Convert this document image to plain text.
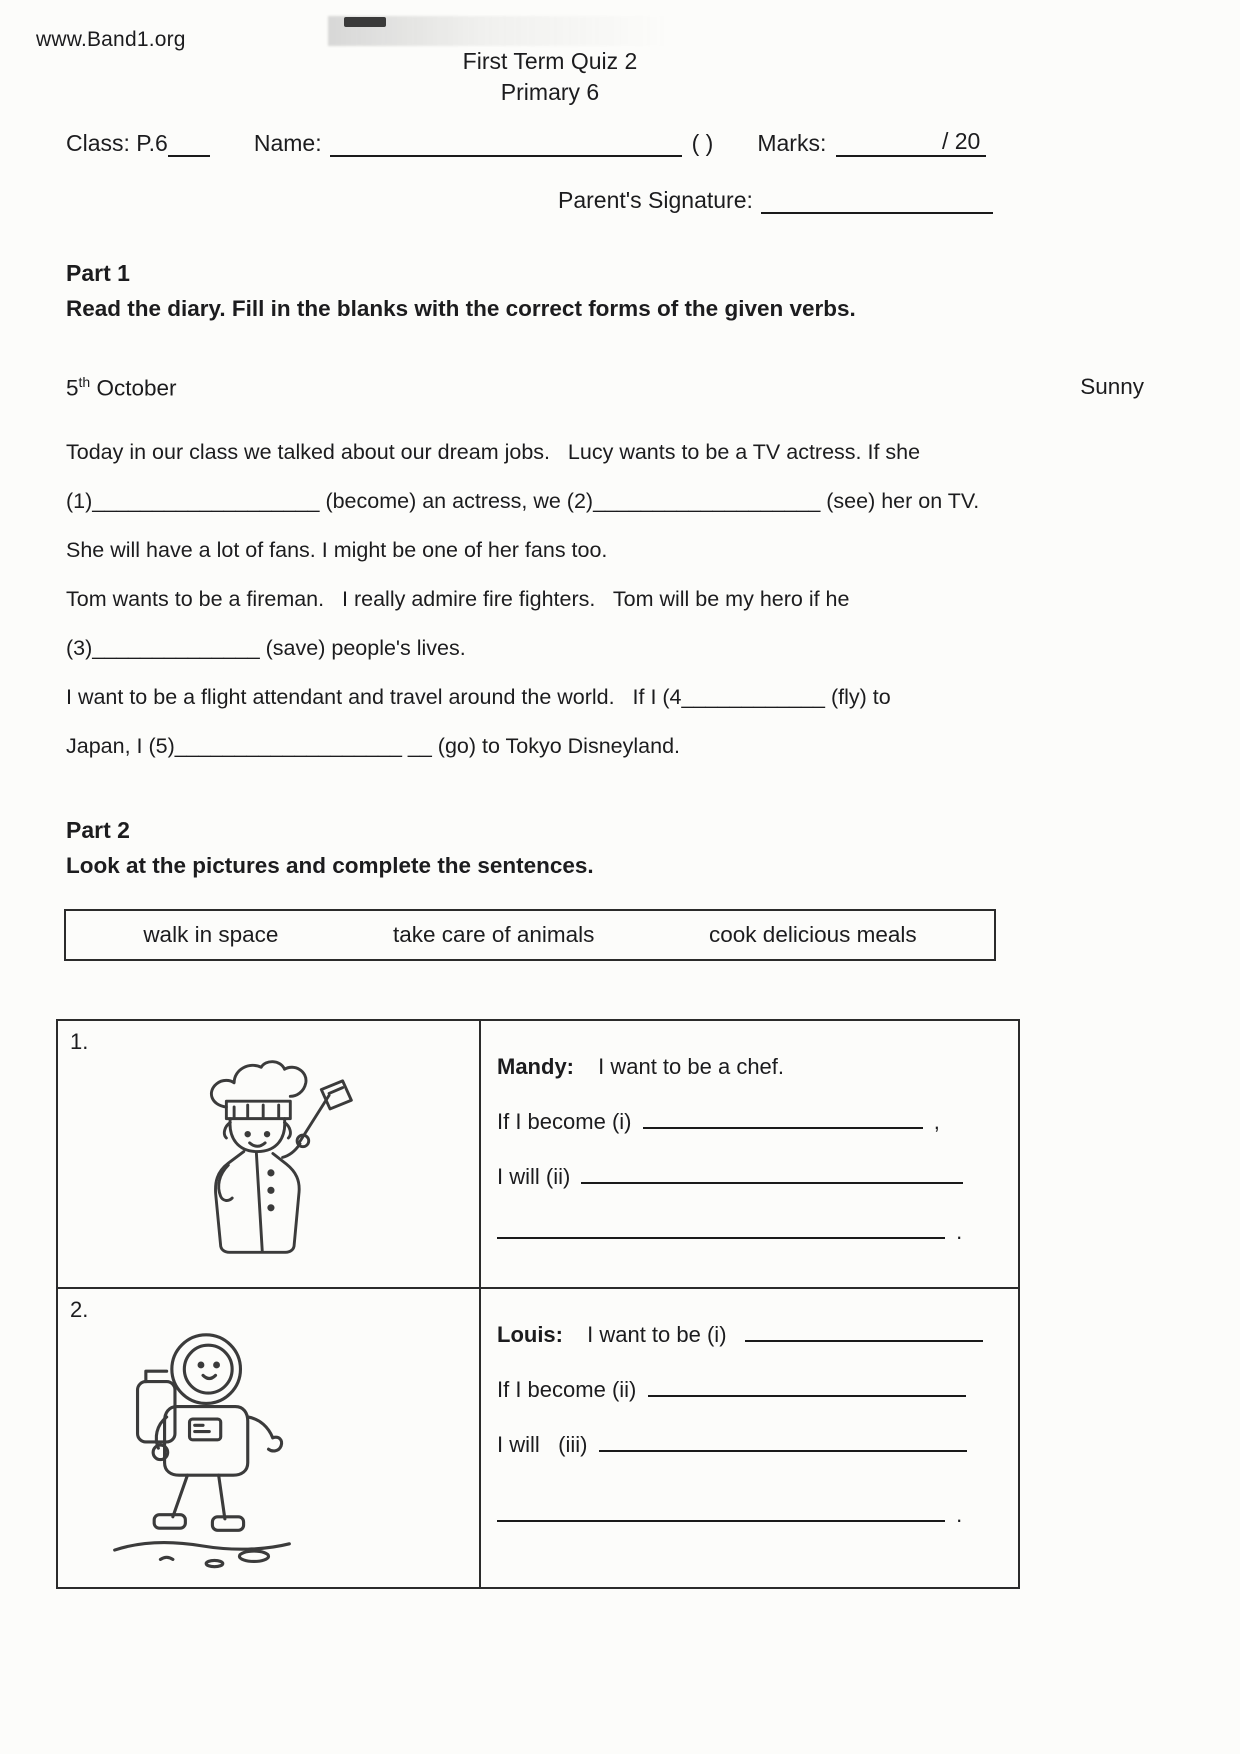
www.Band1.org
First Term Quiz 2
Primary 6
Class: P.6	Name:	( ) Marks:	/ 20
Parent's Signature:
Part 1
Read the diary. Fill in the blanks with the correct forms of the given verbs.
5th October	Sunny

Today in our class we talked about our dream jobs.   Lucy wants to be a TV actress. If she

(1)___________________ (become) an actress, we (2)___________________ (see) her on TV.

She will have a lot of fans. I might be one of her fans too.

Tom wants to be a fireman.   I really admire fire fighters.   Tom will be my hero if he

(3)______________ (save) people's lives.

I want to be a flight attendant and travel around the world.   If I (4____________ (fly) to

Japan, I (5)___________________ __ (go) to Tokyo Disneyland.

Part 2
Look at the pictures and complete the sentences.
walk in space	take care of animals	cook delicious meals
1.
Mandy: I want to be a chef.
If I become (i)	,
I will (ii)
.
2.
Louis: I want to be (i)
If I become (ii)
I will   (iii)
.
